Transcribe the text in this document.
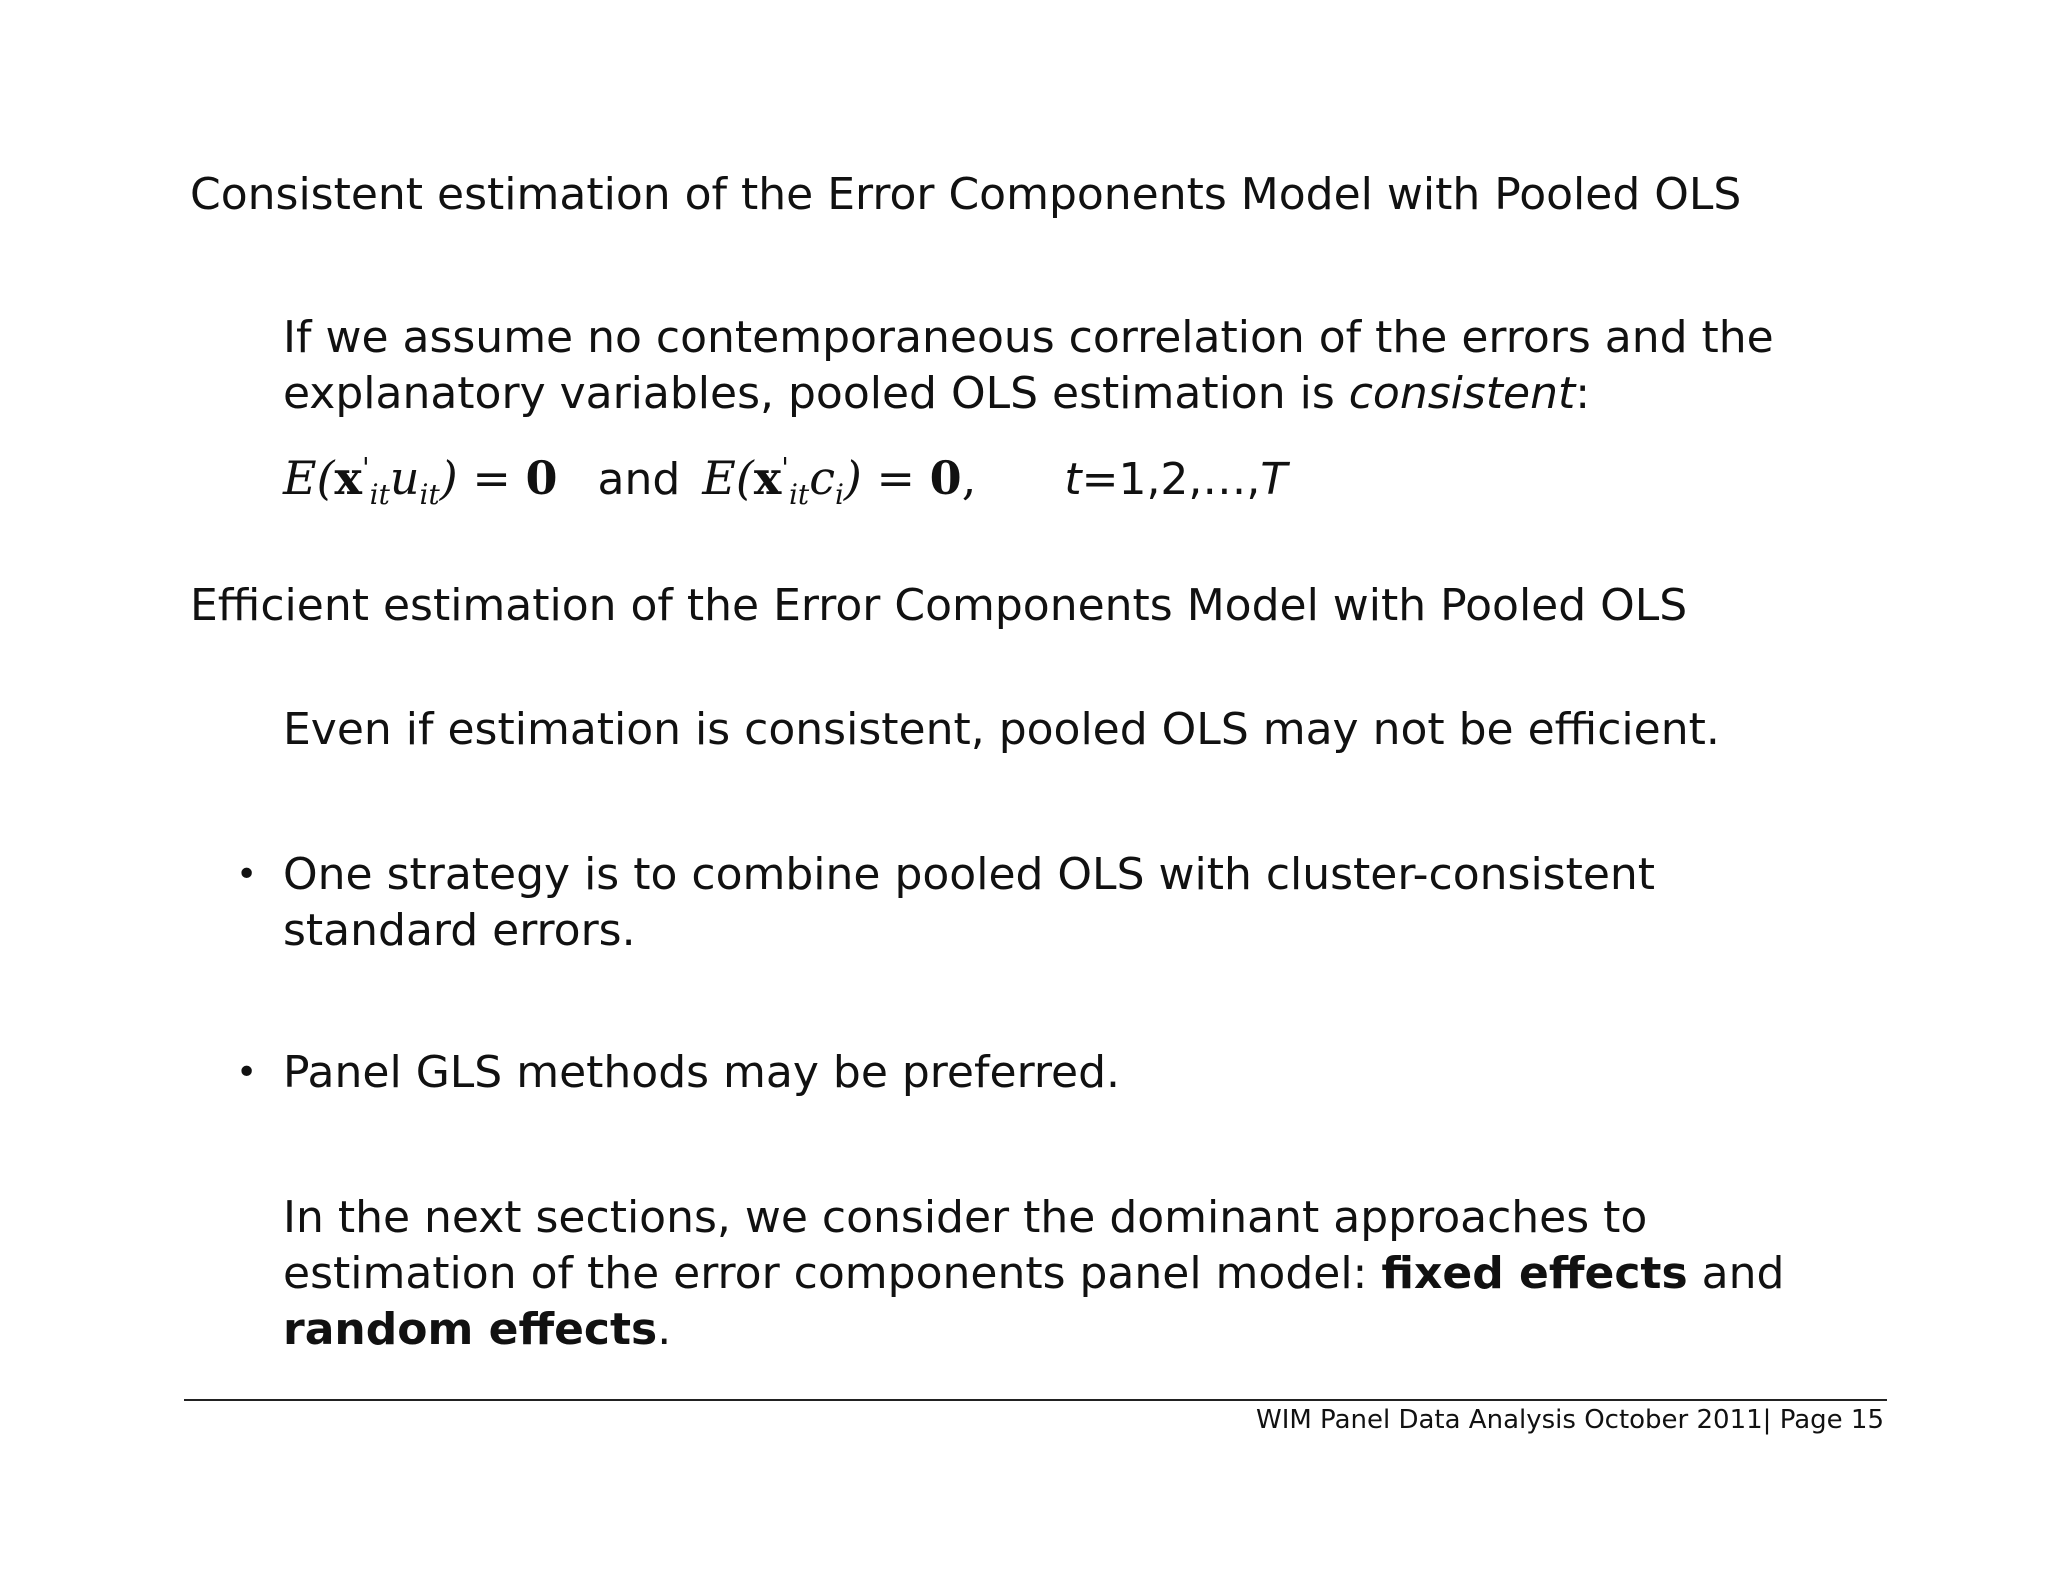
Consistent estimation of the Error Components Model with Pooled OLS
If we assume no contemporaneous correlation of the errors and the explanatory variables, pooled OLS estimation is consistent:
$E(x'_{it}u_{it}) = 0$ and $E(x'_{it}c_i) = 0$, t=1,2,…,T
Efficient estimation of the Error Components Model with Pooled OLS
Even if estimation is consistent, pooled OLS may not be efficient.
• One strategy is to combine pooled OLS with cluster-consistent standard errors.
• Panel GLS methods may be preferred.
In the next sections, we consider the dominant approaches to estimation of the error components panel model: fixed effects and random effects.
WIM Panel Data Analysis October 2011| Page 15
